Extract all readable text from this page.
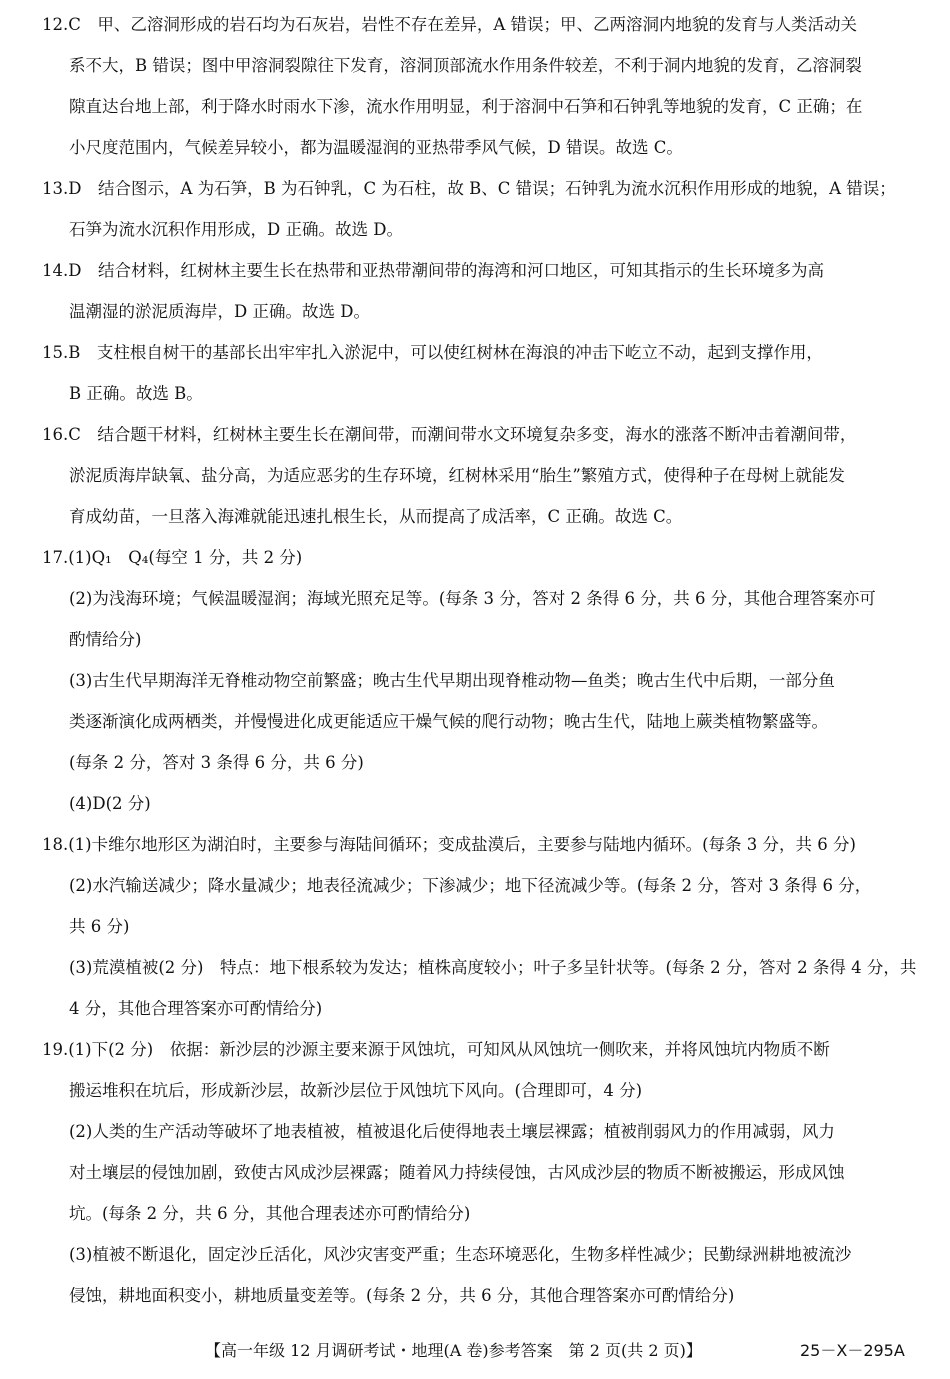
12.C　甲、乙溶洞形成的岩石均为石灰岩，岩性不存在差异，A 错误；甲、乙两溶洞内地貌的发育与人类活动关
系不大，B 错误；图中甲溶洞裂隙往下发育，溶洞顶部流水作用条件较差，不利于洞内地貌的发育，乙溶洞裂
隙直达台地上部，利于降水时雨水下渗，流水作用明显，利于溶洞中石笋和石钟乳等地貌的发育，C 正确；在
小尺度范围内，气候差异较小，都为温暖湿润的亚热带季风气候，D 错误。故选 C。
13.D　结合图示，A 为石笋，B 为石钟乳，C 为石柱，故 B、C 错误；石钟乳为流水沉积作用形成的地貌，A 错误；
石笋为流水沉积作用形成，D 正确。故选 D。
14.D　结合材料，红树林主要生长在热带和亚热带潮间带的海湾和河口地区，可知其指示的生长环境多为高
温潮湿的淤泥质海岸，D 正确。故选 D。
15.B　支柱根自树干的基部长出牢牢扎入淤泥中，可以使红树林在海浪的冲击下屹立不动，起到支撑作用，
B 正确。故选 B。
16.C　结合题干材料，红树林主要生长在潮间带，而潮间带水文环境复杂多变，海水的涨落不断冲击着潮间带，
淤泥质海岸缺氧、盐分高，为适应恶劣的生存环境，红树林采用“胎生”繁殖方式，使得种子在母树上就能发
育成幼苗，一旦落入海滩就能迅速扎根生长，从而提高了成活率，C 正确。故选 C。
17.(1)Q₁　Q₄(每空 1 分，共 2 分)
(2)为浅海环境；气候温暖湿润；海域光照充足等。(每条 3 分，答对 2 条得 6 分，共 6 分，其他合理答案亦可
酌情给分)
(3)古生代早期海洋无脊椎动物空前繁盛；晚古生代早期出现脊椎动物—鱼类；晚古生代中后期，一部分鱼
类逐渐演化成两栖类，并慢慢进化成更能适应干燥气候的爬行动物；晚古生代，陆地上蕨类植物繁盛等。
(每条 2 分，答对 3 条得 6 分，共 6 分)
(4)D(2 分)
18.(1)卡维尔地形区为湖泊时，主要参与海陆间循环；变成盐漠后，主要参与陆地内循环。(每条 3 分，共 6 分)
(2)水汽输送减少；降水量减少；地表径流减少；下渗减少；地下径流减少等。(每条 2 分，答对 3 条得 6 分，
共 6 分)
(3)荒漠植被(2 分)　特点：地下根系较为发达；植株高度较小；叶子多呈针状等。(每条 2 分，答对 2 条得 4 分，共
4 分，其他合理答案亦可酌情给分)
19.(1)下(2 分)　依据：新沙层的沙源主要来源于风蚀坑，可知风从风蚀坑一侧吹来，并将风蚀坑内物质不断
搬运堆积在坑后，形成新沙层，故新沙层位于风蚀坑下风向。(合理即可，4 分)
(2)人类的生产活动等破坏了地表植被，植被退化后使得地表土壤层裸露；植被削弱风力的作用减弱，风力
对土壤层的侵蚀加剧，致使古风成沙层裸露；随着风力持续侵蚀，古风成沙层的物质不断被搬运，形成风蚀
坑。(每条 2 分，共 6 分，其他合理表述亦可酌情给分)
(3)植被不断退化，固定沙丘活化，风沙灾害变严重；生态环境恶化，生物多样性减少；民勤绿洲耕地被流沙
侵蚀，耕地面积变小，耕地质量变差等。(每条 2 分，共 6 分，其他合理答案亦可酌情给分)
【高一年级 12 月调研考试・地理(A 卷)参考答案　第 2 页(共 2 页)】	25－X－295A
